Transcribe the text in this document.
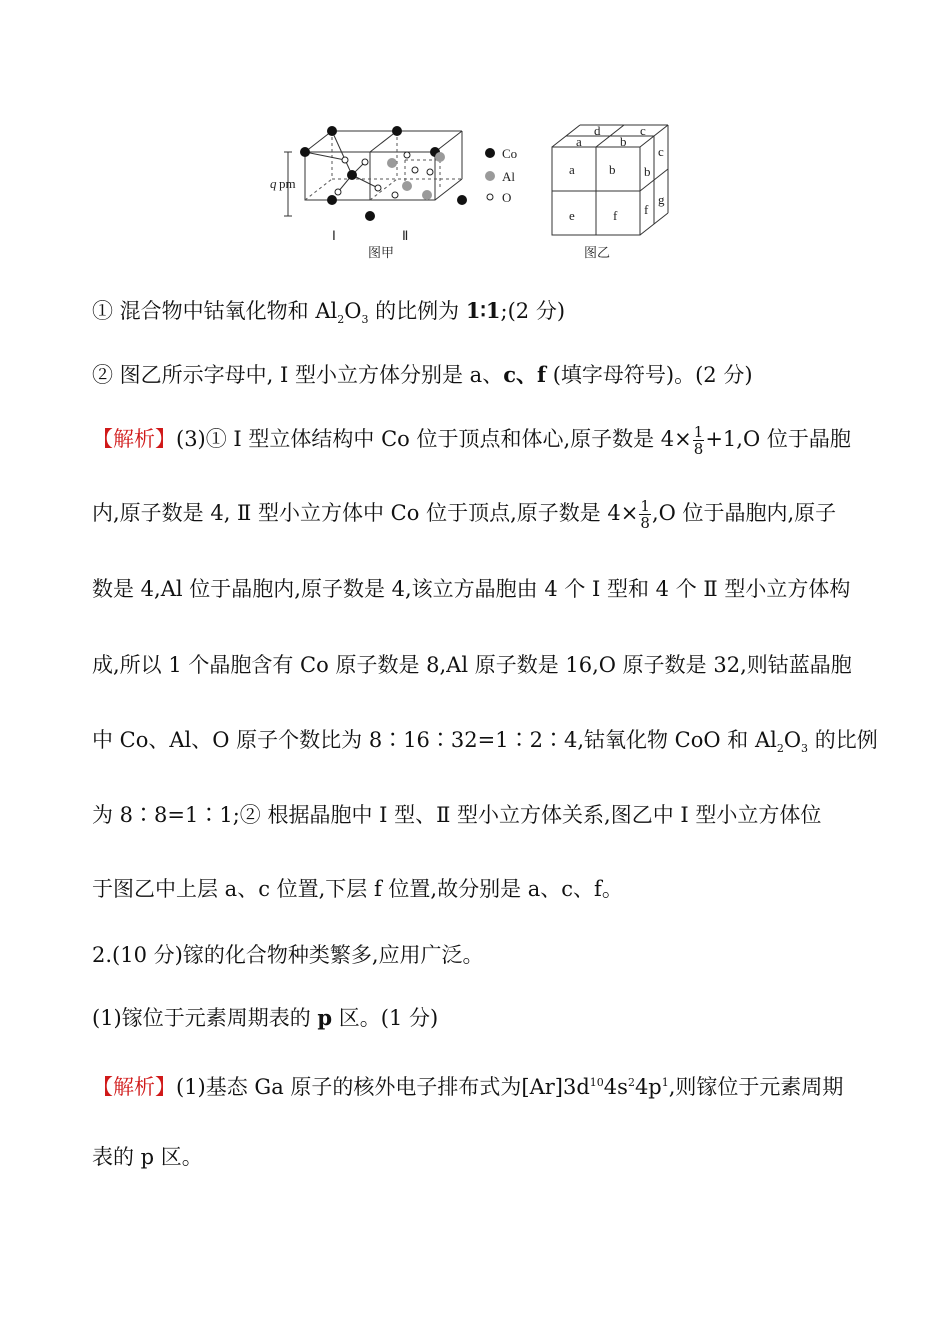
q pm
Ⅰ	Ⅱ
图甲
Co
Al
O
a	b
e	f
d	c
a	b
c
b
g
f
图乙
① 混合物中钴氧化物和 $Al_2O_3$ 的比例为 1∶1;(2 分)
② 图乙所示字母中, Ⅰ 型小立方体分别是 a、c、f (填字母符号)。(2 分)
【解析】(3)① Ⅰ 型立体结构中 Co 位于顶点和体心,原子数是 $4\times \frac{1}{8} +1,O$ 位于晶胞
内,原子数是 4, Ⅱ 型小立方体中 Co 位于顶点,原子数是 $4\times \frac{1}{8} ,O$ 位于晶胞内,原子
数是 4,Al 位于晶胞内,原子数是 4,该立方晶胞由 4 个 Ⅰ 型和 4 个 Ⅱ 型小立方体构
成,所以 1 个晶胞含有 Co 原子数是 8,Al 原子数是 16,O 原子数是 32,则钴蓝晶胞
中 Co、Al、O 原子个数比为 8∶16∶32=1∶2∶4,钴氧化物 CoO 和 $Al_2O_3$ 的比例
为 8∶8=1∶1;② 根据晶胞中 Ⅰ 型、Ⅱ 型小立方体关系,图乙中 Ⅰ 型小立方体位
于图乙中上层 a、c 位置,下层 f 位置,故分别是 a、c、f。
2.(10 分)镓的化合物种类繁多,应用广泛。
(1)镓位于元素周期表的 p 区。(1 分)
【解析】(1)基态 Ga 原子的核外电子排布式为$[Ar]3d^{10}4s^24p^1$,则镓位于元素周期
表的 p 区。
